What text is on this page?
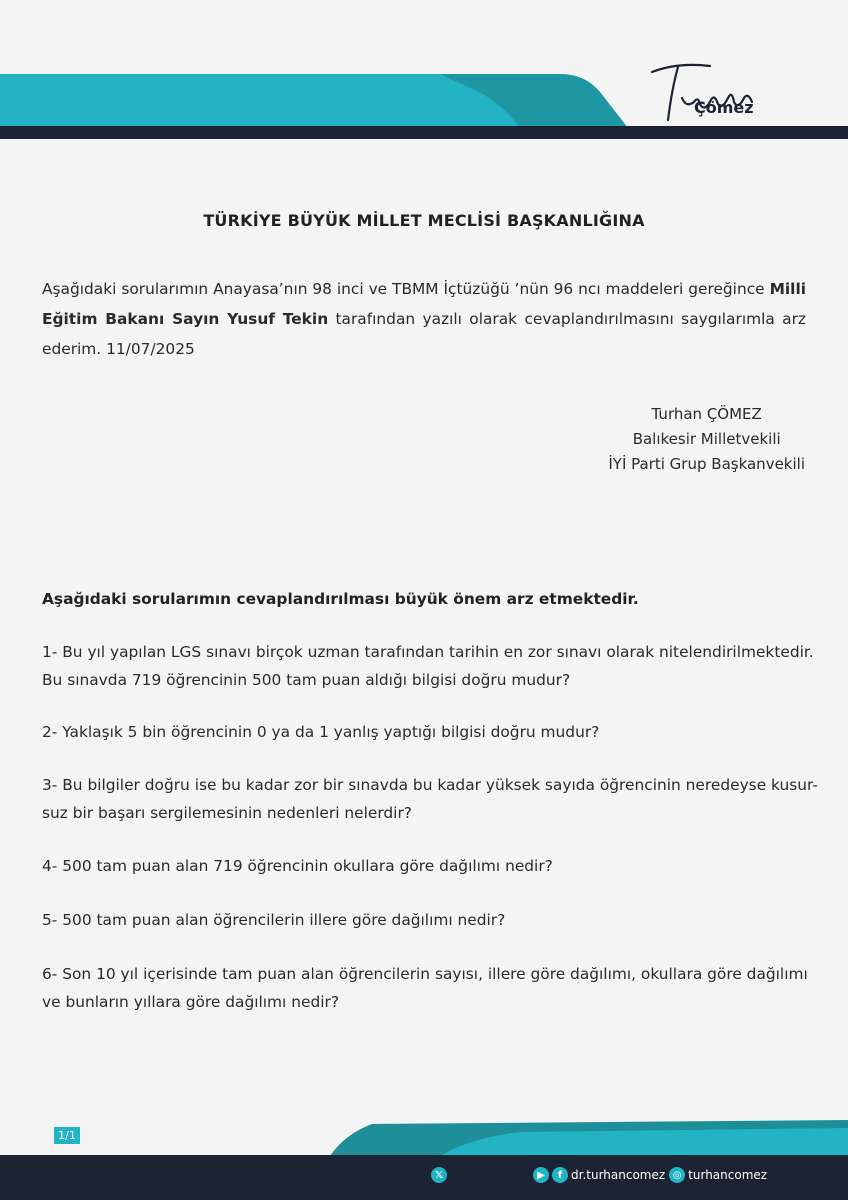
Çömez
TÜRKİYE BÜYÜK MİLLET MECLİSİ BAŞKANLIĞINA
Aşağıdaki sorularımın Anayasa’nın 98 inci ve TBMM İçtüzüğü ’nün 96 ncı maddeleri gereğince Milli Eğitim Bakanı Sayın Yusuf Tekin tarafından yazılı olarak cevaplandırılmasını saygılarımla arz ederim. 11/07/2025
Turhan ÇÖMEZ
Balıkesir Milletvekili
İYİ Parti Grup Başkanvekili
Aşağıdaki sorularımın cevaplandırılması büyük önem arz etmektedir.
1- Bu yıl yapılan LGS sınavı birçok uzman tarafından tarihin en zor sınavı olarak nitelendirilmektedir. Bu sınavda 719 öğrencinin 500 tam puan aldığı bilgisi doğru mudur?
2- Yaklaşık 5 bin öğrencinin 0 ya da 1 yanlış yaptığı bilgisi doğru mudur?
3- Bu bilgiler doğru ise bu kadar zor bir sınavda bu kadar yüksek sayıda öğrencinin neredeyse kusur-suz bir başarı sergilemesinin nedenleri nelerdir?
4- 500 tam puan alan 719 öğrencinin okullara göre dağılımı nedir?
5- 500 tam puan alan öğrencilerin illere göre dağılımı nedir?
6- Son 10 yıl içerisinde tam puan alan öğrencilerin sayısı, illere göre dağılımı, okullara göre dağılımı ve bunların yıllara göre dağılımı nedir?
1/1
𝕏	▶	f dr.turhancomez ◎ turhancomez
